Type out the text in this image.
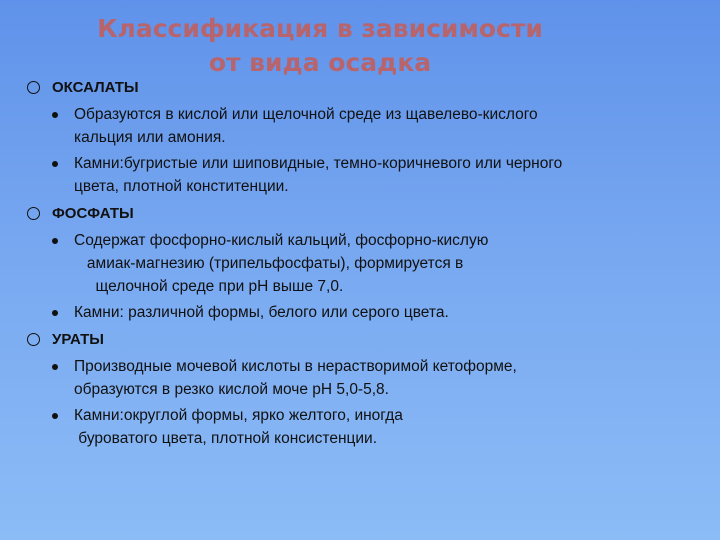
Классификация в зависимости
от вида осадка
ОКСАЛАТЫ
Образуются в кислой или щелочной среде из щавелево-кислого
кальция или амония.
Камни:бугристые или шиповидные, темно-коричневого или черного
цвета, плотной конститенции.
ФОСФАТЫ
Содержат фосфорно-кислый кальций, фосфорно-кислую
амиак-магнезию (трипельфосфаты), формируется в
щелочной среде при рН выше 7,0.
Камни: различной формы, белого или серого цвета.
УРАТЫ
Производные мочевой кислоты в нерастворимой кетоформе,
образуются в резко кислой моче рН 5,0-5,8.
Камни:округлой формы, ярко желтого, иногда
буроватого цвета, плотной консистенции.
